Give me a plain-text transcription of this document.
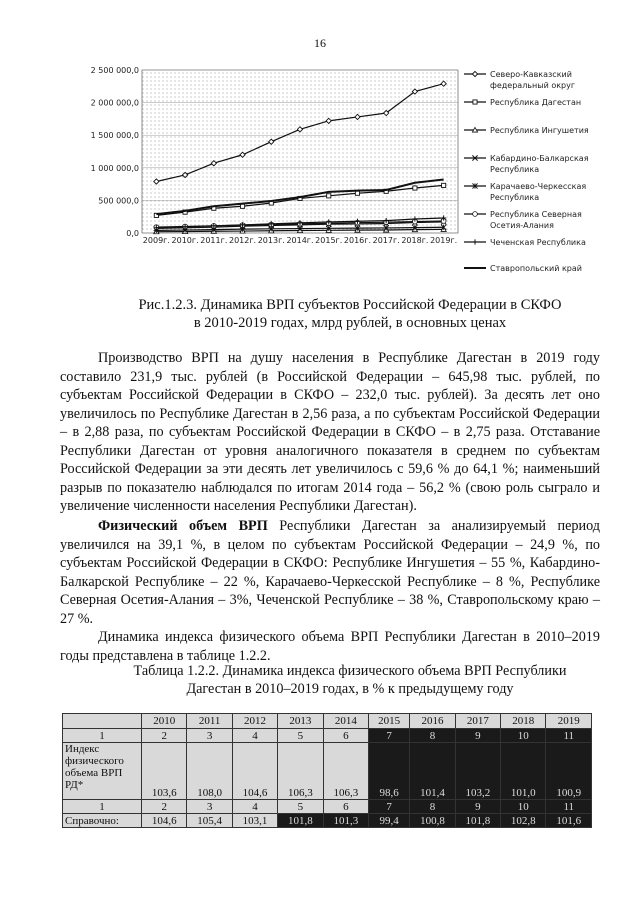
16
0,0
500 000,0
1 000 000,0
1 500 000,0
2 000 000,0
2 500 000,0
2009г. 2010г. 2011г. 2012г. 2013г. 2014г. 2015г. 2016г. 2017г. 2018г. 2019г.
Северо-Кавказский федеральный округ
Республика Дагестан
Республика Ингушетия
Кабардино-Балкарская Республика
Карачаево-Черкесская Республика
Республика Северная Осетия-Алания
Чеченская Республика
Ставропольский край
Рис.1.2.3. Динамика ВРП субъектов Российской Федерации в СКФО
в 2010-2019 годах, млрд рублей, в основных ценах
Производство ВРП на душу населения в Республике Дагестан в 2019 году составило 231,9 тыс. рублей (в Российской Федерации – 645,98 тыс. рублей, по субъектам Российской Федерации в СКФО – 232,0 тыс. рублей). За десять лет оно увеличилось по Республике Дагестан в 2,56 раза, а по субъектам Российской Федерации – в 2,88 раза, по субъектам Российской Федерации в СКФО – в 2,75 раза. Отставание Республики Дагестан от уровня аналогичного показателя в среднем по субъектам Российской Федерации за эти десять лет увеличилось с 59,6 % до 64,1 %; наименьший разрыв по показателю наблюдался по итогам 2014 года – 56,2 % (свою роль сыграло и увеличение численности населения Республики Дагестан).
Физический объем ВРП Республики Дагестан за анализируемый период увеличился на 39,1 %, в целом по субъектам Российской Федерации – 24,9 %, по субъектам Российской Федерации в СКФО: Республике Ингушетия – 55 %, Кабардино-Балкарской Республике – 22 %, Карачаево-Черкесской Республике – 8 %, Республике Северная Осетия-Алания – 3%, Чеченской Республике – 38 %, Ставропольскому краю – 27 %.
Динамика индекса физического объема ВРП Республики Дагестан в 2010–2019 годы представлена в таблице 1.2.2.
Таблица 1.2.2. Динамика индекса физического объема ВРП Республики
Дагестан в 2010–2019 годах, в % к предыдущему году
	2010	2011	2012	2013	2014	2015	2016	2017	2018	2019
1	2	3	4	5	6	7	8	9	10	11
Индекс физического объема ВРП РД*	103,6	108,0	104,6	106,3	106,3	98,6	101,4	103,2	101,0	100,9
1	2	3	4	5	6	7	8	9	10	11
Справочно:	104,6	105,4	103,1	101,8	101,3	99,4	100,8	101,8	102,8	101,6
